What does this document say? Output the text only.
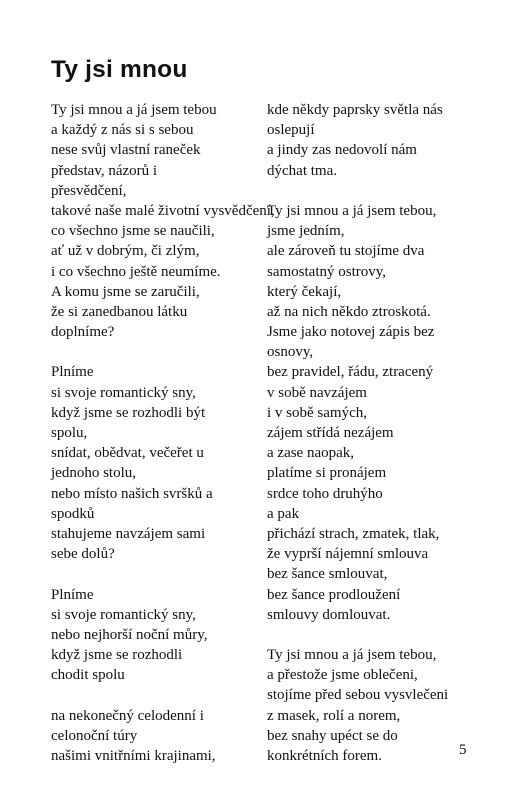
Ty jsi mnou
Ty jsi mnou a já jsem tebou
a každý z nás si s sebou
nese svůj vlastní raneček
představ, názorů i
přesvědčení,
takové naše malé životní vysvědčení,
co všechno jsme se naučili,
ať už v dobrým, či zlým,
i co všechno ještě neumíme.
A komu jsme se zaručili,
že si zanedbanou látku
doplníme?
Plníme
si svoje romantický sny,
když jsme se rozhodli být
spolu,
snídat, obědvat, večeřet u
jednoho stolu,
nebo místo našich svršků a
spodků
stahujeme navzájem sami
sebe dolů?
Plníme
si svoje romantický sny,
nebo nejhorší noční můry,
když jsme se rozhodli
chodit spolu
na nekonečný celodenní i
celonoční túry
našimi vnitřními krajinami,
kde někdy paprsky světla nás
oslepují
a jindy zas nedovolí nám
dýchat tma.
Ty jsi mnou a já jsem tebou,
jsme jedním,
ale zároveň tu stojíme dva
samostatný ostrovy,
který čekají,
až na nich někdo ztroskotá.
Jsme jako notovej zápis bez
osnovy,
bez pravidel, řádu, ztracený
v sobě navzájem
i v sobě samých,
zájem střídá nezájem
a zase naopak,
platíme si pronájem
srdce toho druhýho
a pak
přichází strach, zmatek, tlak,
že vyprší nájemní smlouva
bez šance smlouvat,
bez šance prodloužení
smlouvy domlouvat.
Ty jsi mnou a já jsem tebou,
a přestože jsme oblečeni,
stojíme před sebou vysvlečeni
z masek, rolí a norem,
bez snahy upéct se do
konkrétních forem.	5
